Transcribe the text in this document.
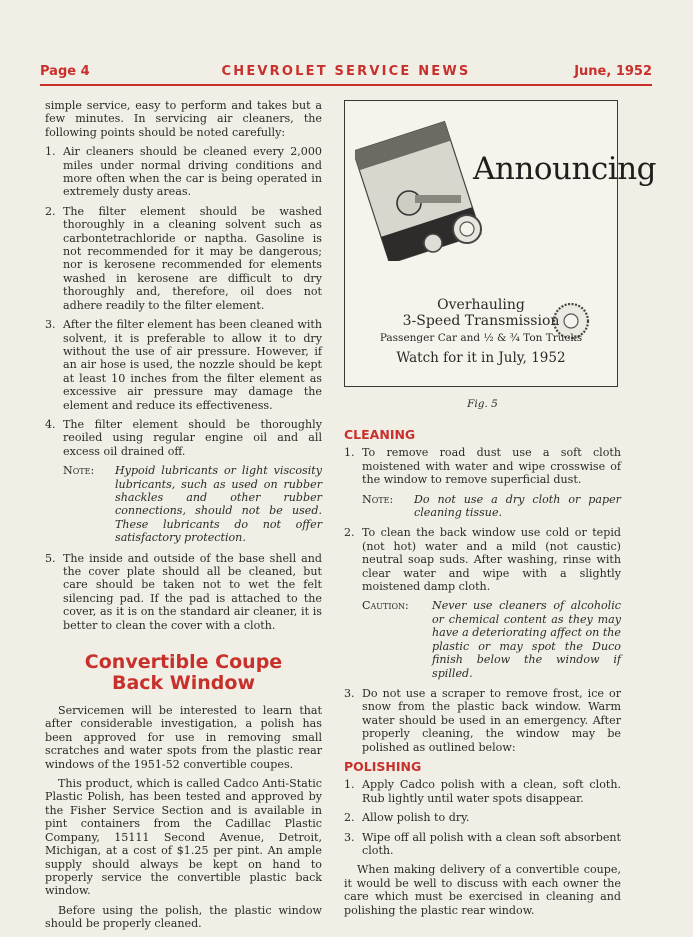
CHEVROLET SERVICE NEWS
Page 4	June, 1952

simple service, easy to perform and takes but a few minutes. In servicing air cleaners, the following points should be noted carefully:

1. Air cleaners should be cleaned every 2,000 miles under normal driving conditions and more often when the car is being operated in extremely dusty areas.
2. The filter element should be washed thoroughly in a cleaning solvent such as carbontetrachloride or naptha. Gasoline is not recommended for it may be dangerous; nor is kerosene recommended for elements washed in kerosene are difficult to dry thoroughly and, therefore, oil does not adhere readily to the filter element.
3. After the filter element has been cleaned with solvent, it is preferable to allow it to dry without the use of air pressure. However, if an air hose is used, the nozzle should be kept at least 10 inches from the filter element as excessive air pressure may damage the element and reduce its effectiveness.
4. The filter element should be thoroughly reoiled using regular engine oil and all excess oil drained off.
Note: Hypoid lubricants or light viscosity lubricants, such as used on rubber shackles and other rubber connections, should not be used. These lubricants do not offer satisfactory protection.
5. The inside and outside of the base shell and the cover plate should all be cleaned, but care should be taken not to wet the felt silencing pad. If the pad is attached to the cover, as it is on the standard air cleaner, it is better to clean the cover with a cloth.
Convertible Coupe
Back Window

Servicemen will be interested to learn that after considerable investigation, a polish has been approved for use in removing small scratches and water spots from the plastic rear windows of the 1951-52 convertible coupes.

This product, which is called Cadco Anti-Static Plastic Polish, has been tested and approved by the Fisher Service Section and is available in pint containers from the Cadillac Plastic Company, 15111 Second Avenue, Detroit, Michigan, at a cost of $1.25 per pint. An ample supply should always be kept on hand to properly service the convertible plastic back window.

Before using the polish, the plastic window should be properly cleaned.

Announcing
Overhauling
3-Speed Transmission
Passenger Car and ½ & ¾ Ton Trucks
Watch for it in July, 1952
Fig. 5
CLEANING
1. To remove road dust use a soft cloth moistened with water and wipe crosswise of the window to remove superficial dust.
Note: Do not use a dry cloth or paper cleaning tissue.
2. To clean the back window use cold or tepid (not hot) water and a mild (not caustic) neutral soap suds. After washing, rinse with clear water and wipe with a slightly moistened damp cloth.
Caution: Never use cleaners of alcoholic or chemical content as they may have a deteriorating affect on the plastic or may spot the Duco finish below the window if spilled.
3. Do not use a scraper to remove frost, ice or snow from the plastic back window. Warm water should be used in an emergency. After properly cleaning, the window may be polished as outlined below:
POLISHING
1. Apply Cadco polish with a clean, soft cloth. Rub lightly until water spots disappear.
2. Allow polish to dry.
3. Wipe off all polish with a clean soft absorbent cloth.

When making delivery of a convertible coupe, it would be well to discuss with each owner the care which must be exercised in cleaning and polishing the plastic rear window.
